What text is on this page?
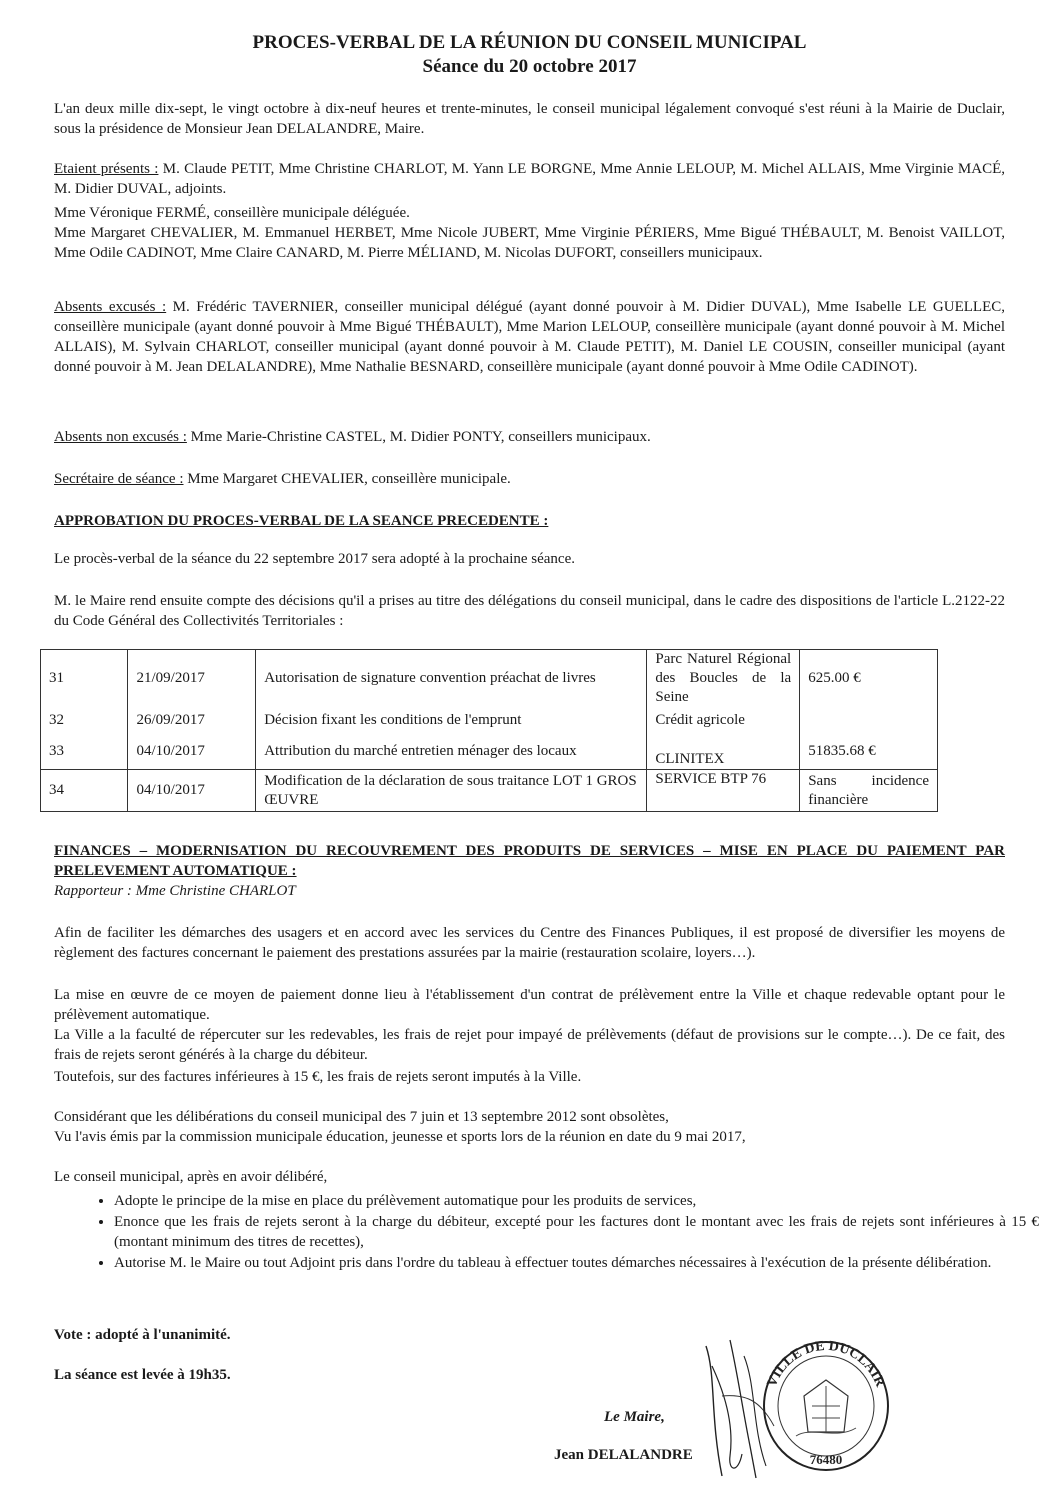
PROCES-VERBAL DE LA RÉUNION DU CONSEIL MUNICIPAL
Séance du 20 octobre 2017
L'an deux mille dix-sept, le vingt octobre à dix-neuf heures et trente-minutes, le conseil municipal légalement convoqué s'est réuni à la Mairie de Duclair, sous la présidence de Monsieur Jean DELALANDRE, Maire.
Etaient présents : M. Claude PETIT, Mme Christine CHARLOT, M. Yann LE BORGNE, Mme Annie LELOUP, M. Michel ALLAIS, Mme Virginie MACÉ, M. Didier DUVAL, adjoints.
Mme Véronique FERMÉ, conseillère municipale déléguée.
Mme Margaret CHEVALIER, M. Emmanuel HERBET, Mme Nicole JUBERT, Mme Virginie PÉRIERS, Mme Bigué THÉBAULT, M. Benoist VAILLOT, Mme Odile CADINOT, Mme Claire CANARD, M. Pierre MÉLIAND, M. Nicolas DUFORT, conseillers municipaux.
Absents excusés : M. Frédéric TAVERNIER, conseiller municipal délégué (ayant donné pouvoir à M. Didier DUVAL), Mme Isabelle LE GUELLEC, conseillère municipale (ayant donné pouvoir à Mme Bigué THÉBAULT), Mme Marion LELOUP, conseillère municipale (ayant donné pouvoir à M. Michel ALLAIS), M. Sylvain CHARLOT, conseiller municipal (ayant donné pouvoir à M. Claude PETIT), M. Daniel LE COUSIN, conseiller municipal (ayant donné pouvoir à M. Jean DELALANDRE), Mme Nathalie BESNARD, conseillère municipale (ayant donné pouvoir à Mme Odile CADINOT).
Absents non excusés : Mme Marie-Christine CASTEL, M. Didier PONTY, conseillers municipaux.
Secrétaire de séance : Mme Margaret CHEVALIER, conseillère municipale.
APPROBATION DU PROCES-VERBAL DE LA SEANCE PRECEDENTE :
Le procès-verbal de la séance du 22 septembre 2017 sera adopté à la prochaine séance.
M. le Maire rend ensuite compte des décisions qu'il a prises au titre des délégations du conseil municipal, dans le cadre des dispositions de l'article L.2122-22 du Code Général des Collectivités Territoriales :
31	21/09/2017	Autorisation de signature convention préachat de livres	Parc Naturel Régional des Boucles de la Seine	625.00 €
32	26/09/2017	Décision fixant les conditions de l'emprunt	Crédit agricole	
33	04/10/2017	Attribution du marché entretien ménager des locaux	CLINITEX	51835.68 €
34	04/10/2017	Modification de la déclaration de sous traitance LOT 1 GROS ŒUVRE	SERVICE BTP 76	Sans incidence financière
FINANCES – MODERNISATION DU RECOUVREMENT DES PRODUITS DE SERVICES – MISE EN PLACE DU PAIEMENT PAR PRELEVEMENT AUTOMATIQUE :
Rapporteur : Mme Christine CHARLOT
Afin de faciliter les démarches des usagers et en accord avec les services du Centre des Finances Publiques, il est proposé de diversifier les moyens de règlement des factures concernant le paiement des prestations assurées par la mairie (restauration scolaire, loyers…).
La mise en œuvre de ce moyen de paiement donne lieu à l'établissement d'un contrat de prélèvement entre la Ville et chaque redevable optant pour le prélèvement automatique.
La Ville a la faculté de répercuter sur les redevables, les frais de rejet pour impayé de prélèvements (défaut de provisions sur le compte…). De ce fait, des frais de rejets seront générés à la charge du débiteur.
Toutefois, sur des factures inférieures à 15 €, les frais de rejets seront imputés à la Ville.
Considérant que les délibérations du conseil municipal des 7 juin et 13 septembre 2012 sont obsolètes,
Vu l'avis émis par la commission municipale éducation, jeunesse et sports lors de la réunion en date du 9 mai 2017,
Le conseil municipal, après en avoir délibéré,
• Adopte le principe de la mise en place du prélèvement automatique pour les produits de services,
• Enonce que les frais de rejets seront à la charge du débiteur, excepté pour les factures dont le montant avec les frais de rejets sont inférieures à 15 € (montant minimum des titres de recettes),
• Autorise M. le Maire ou tout Adjoint pris dans l'ordre du tableau à effectuer toutes démarches nécessaires à l'exécution de la présente délibération.
Vote : adopté à l'unanimité.
La séance est levée à 19h35.
Le Maire,
Jean DELALANDRE
VILLE DE DUCLAIR
76480
